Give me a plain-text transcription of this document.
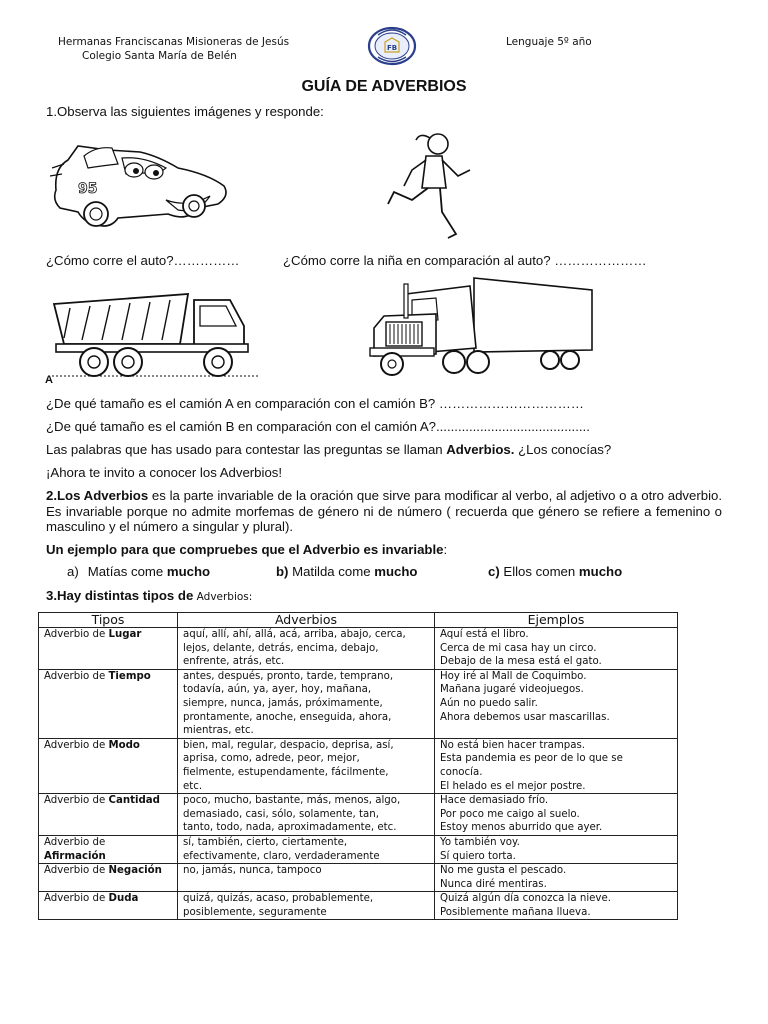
Hermanas Franciscanas Misioneras de Jesús
Colegio Santa María de Belén
FB	Lenguaje 5º año
GUÍA DE ADVERBIOS
1.Observa las siguientes imágenes y responde:
95
¿Cómo corre el auto?……………	¿Cómo corre la niña en comparación al auto? …………………
A
¿De qué tamaño es el camión A en comparación con el camión B? ……………………………
¿De qué tamaño es el camión B en comparación con el camión A?..........................................
Las palabras que has usado para contestar las preguntas se llaman Adverbios. ¿Los conocías?
¡Ahora te invito a conocer los Adverbios!
2.Los Adverbios es la parte invariable de la oración que sirve para modificar al verbo, al adjetivo o a otro adverbio. Es invariable porque no admite morfemas de género ni de número ( recuerda que género se refiere a femenino o masculino y el número a singular y plural).
Un ejemplo para que compruebes que el Adverbio es invariable:
a) Matías come mucho	b) Matilda come mucho	c) Ellos comen mucho
3.Hay distintas tipos de Adverbios:
Tipos	Adverbios	Ejemplos
Adverbio de Lugar	aquí, allí, ahí, allá, acá, arriba, abajo, cerca,
lejos, delante, detrás, encima, debajo,
enfrente, atrás, etc.	Aquí está el libro.
Cerca de mi casa hay un circo.
Debajo de la mesa está el gato.

Adverbio de Tiempo	antes, después, pronto, tarde, temprano,
todavía, aún, ya, ayer, hoy, mañana,
siempre, nunca, jamás, próximamente,
prontamente, anoche, enseguida, ahora,
mientras, etc.	Hoy iré al Mall de Coquimbo.
Mañana jugaré videojuegos.
Aún no puedo salir.
Ahora debemos usar mascarillas.

Adverbio de Modo	bien, mal, regular, despacio, deprisa, así,
aprisa, como, adrede, peor, mejor,
fielmente, estupendamente, fácilmente,
etc.	No está bien hacer trampas.
Esta pandemia es peor de lo que se
conocía.
El helado es el mejor postre.

Adverbio de Cantidad	poco, mucho, bastante, más, menos, algo,
demasiado, casi, sólo, solamente, tan,
tanto, todo, nada, aproximadamente, etc.	Hace demasiado frío.
Por poco me caigo al suelo.
Estoy menos aburrido que ayer.

Adverbio de
Afirmación	sí, también, cierto, ciertamente,
efectivamente, claro, verdaderamente	Yo también voy.
Sí quiero torta.

Adverbio de Negación	no, jamás, nunca, tampoco	No me gusta el pescado.
Nunca diré mentiras.

Adverbio de Duda	quizá, quizás, acaso, probablemente,
posiblemente, seguramente	Quizá algún día conozca la nieve.
Posiblemente mañana llueva.
